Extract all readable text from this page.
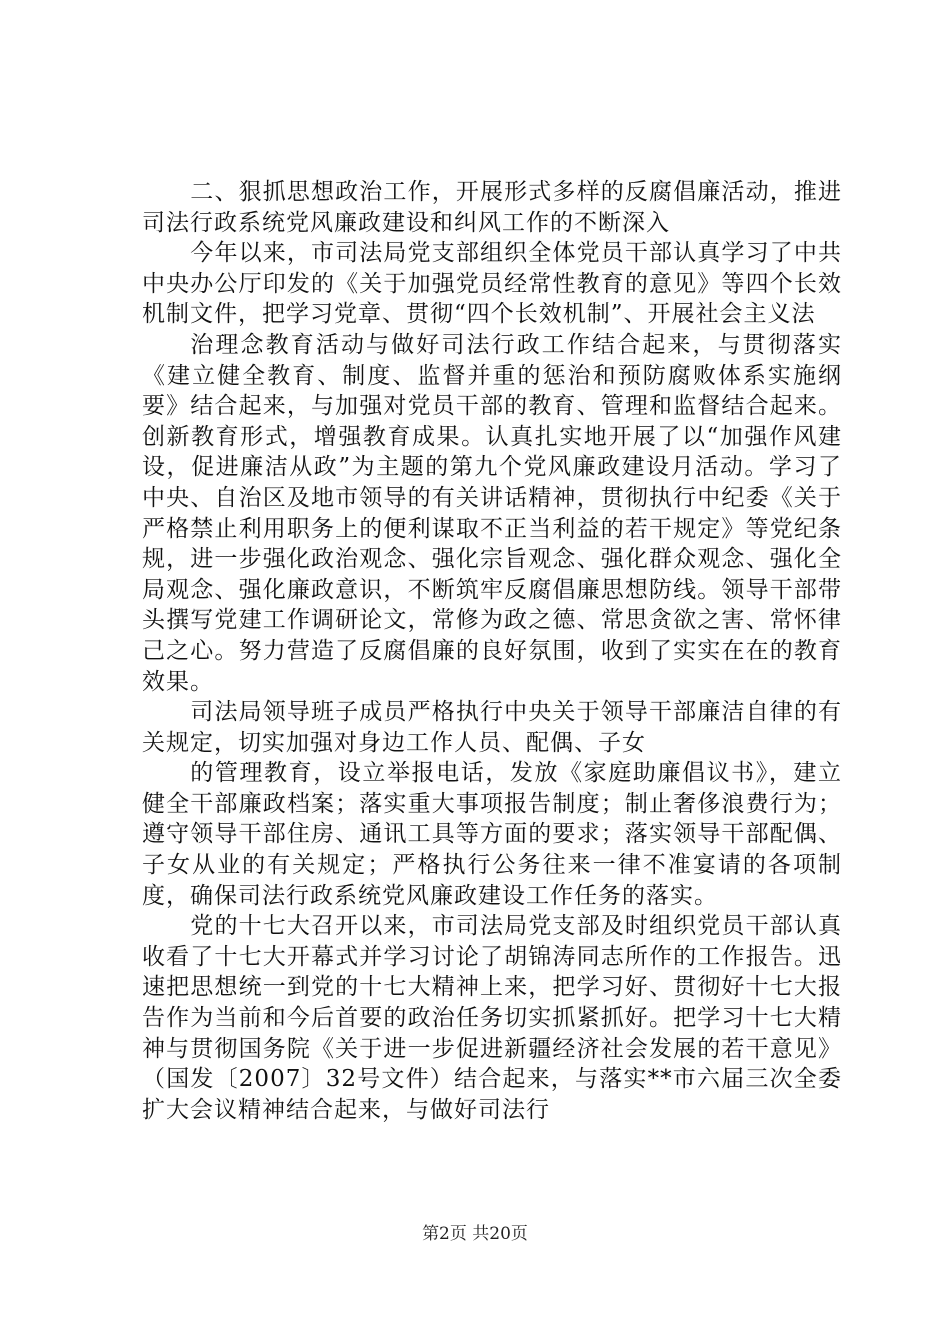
二、狠抓思想政治工作，开展形式多样的反腐倡廉活动，推进司法行政系统党风廉政建设和纠风工作的不断深入

今年以来，市司法局党支部组织全体党员干部认真学习了中共中央办公厅印发的《关于加强党员经常性教育的意见》等四个长效机制文件，把学习党章、贯彻“四个长效机制”、开展社会主义法

治理念教育活动与做好司法行政工作结合起来，与贯彻落实《建立健全教育、制度、监督并重的惩治和预防腐败体系实施纲要》结合起来，与加强对党员干部的教育、管理和监督结合起来。创新教育形式，增强教育成果。认真扎实地开展了以“加强作风建设，促进廉洁从政”为主题的第九个党风廉政建设月活动。学习了中央、自治区及地市领导的有关讲话精神，贯彻执行中纪委《关于严格禁止利用职务上的便利谋取不正当利益的若干规定》等党纪条规，进一步强化政治观念、强化宗旨观念、强化群众观念、强化全局观念、强化廉政意识，不断筑牢反腐倡廉思想防线。领导干部带头撰写党建工作调研论文，常修为政之德、常思贪欲之害、常怀律己之心。努力营造了反腐倡廉的良好氛围，收到了实实在在的教育效果。

司法局领导班子成员严格执行中央关于领导干部廉洁自律的有关规定，切实加强对身边工作人员、配偶、子女

的管理教育，设立举报电话，发放《家庭助廉倡议书》，建立健全干部廉政档案；落实重大事项报告制度；制止奢侈浪费行为；遵守领导干部住房、通讯工具等方面的要求；落实领导干部配偶、子女从业的有关规定；严格执行公务往来一律不准宴请的各项制度，确保司法行政系统党风廉政建设工作任务的落实。

党的十七大召开以来，市司法局党支部及时组织党员干部认真收看了十七大开幕式并学习讨论了胡锦涛同志所作的工作报告。迅速把思想统一到党的十七大精神上来，把学习好、贯彻好十七大报告作为当前和今后首要的政治任务切实抓紧抓好。把学习十七大精神与贯彻国务院《关于进一步促进新疆经济社会发展的若干意见》（国发〔2007〕32号文件）结合起来，与落实**市六届三次全委扩大会议精神结合起来，与做好司法行

第2页 共20页
